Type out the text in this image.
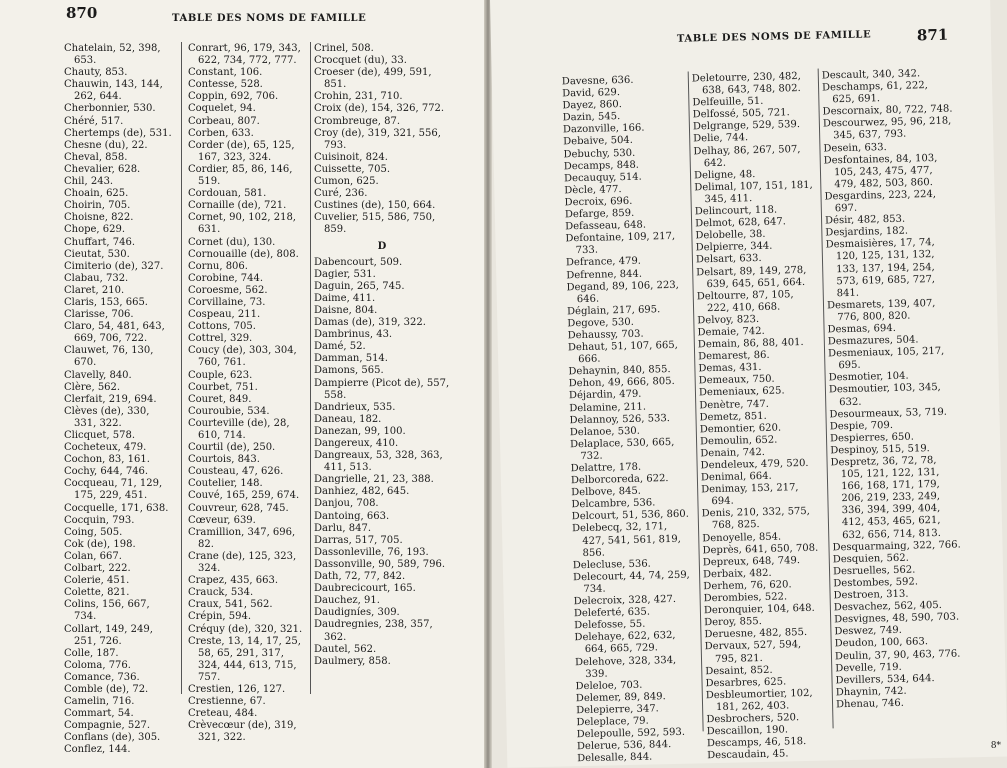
870	TABLE DES NOMS DE FAMILLE
Chatelain, 52, 398, 653.
Chauty, 853.
Chauwin, 143, 144, 262, 644.
Cherbonnier, 530.
Chéré, 517.
Chertemps (de), 531.
Chesne (du), 22.
Cheval, 858.
Chevalier, 628.
Chil, 243.
Choain, 625.
Choirin, 705.
Choisne, 822.
Chope, 629.
Chuffart, 746.
Cieutat, 530.
Cimiterio (de), 327.
Clabau, 732.
Claret, 210.
Claris, 153, 665.
Clarisse, 706.
Claro, 54, 481, 643, 669, 706, 722.
Clauwet, 76, 130, 670.
Clavelly, 840.
Clère, 562.
Clerfait, 219, 694.
Clèves (de), 330, 331, 322.
Clicquet, 578.
Cocheteux, 479.
Cochon, 83, 161.
Cochy, 644, 746.
Cocqueau, 71, 129, 175, 229, 451.
Cocquelle, 171, 638.
Cocquin, 793.
Coing, 505.
Cok (de), 198.
Colan, 667.
Colbart, 222.
Colerie, 451.
Colette, 821.
Colins, 156, 667, 734.
Collart, 149, 249, 251, 726.
Colle, 187.
Coloma, 776.
Comance, 736.
Comble (de), 72.
Camelin, 716.
Commart, 54.
Compagnie, 527.
Conflans (de), 305.
Conflez, 144.
Conrart, 96, 179, 343, 622, 734, 772, 777.
Constant, 106.
Contesse, 528.
Coppin, 692, 706.
Coquelet, 94.
Corbeau, 807.
Corben, 633.
Corder (de), 65, 125, 167, 323, 324.
Cordier, 85, 86, 146, 519.
Cordouan, 581.
Cornaille (de), 721.
Cornet, 90, 102, 218, 631.
Cornet (du), 130.
Cornouaille (de), 808.
Cornu, 806.
Corobine, 744.
Coroesme, 562.
Corvillaine, 73.
Cospeau, 211.
Cottons, 705.
Cottrel, 329.
Coucy (de), 303, 304, 760, 761.
Couple, 623.
Courbet, 751.
Couret, 849.
Couroubie, 534.
Courteville (de), 28, 610, 714.
Courtil (de), 250.
Courtois, 843.
Cousteau, 47, 626.
Coutelier, 148.
Couvé, 165, 259, 674.
Couvreur, 628, 745.
Cœveur, 639.
Cramillion, 347, 696, 82.
Crane (de), 125, 323, 324.
Crapez, 435, 663.
Crauck, 534.
Craux, 541, 562.
Crépin, 594.
Créquy (de), 320, 321.
Creste, 13, 14, 17, 25, 58, 65, 291, 317, 324, 444, 613, 715, 757.
Crestien, 126, 127.
Crestienne, 67.
Creteau, 484.
Crèvecœur (de), 319, 321, 322.
Crinel, 508.
Crocquet (du), 33.
Croeser (de), 499, 591, 851.
Crohin, 231, 710.
Croix (de), 154, 326, 772.
Crombreuge, 87.
Croy (de), 319, 321, 556, 793.
Cuisinoit, 824.
Cuissette, 705.
Cumon, 625.
Curé, 236.
Custines (de), 150, 664.
Cuvelier, 515, 586, 750, 859.
D
Dabencourt, 509.
Dagier, 531.
Daguin, 265, 745.
Daime, 411.
Daisne, 804.
Damas (de), 319, 322.
Dambrinus, 43.
Damé, 52.
Damman, 514.
Damons, 565.
Dampierre (Picot de), 557, 558.
Dandrieux, 535.
Daneau, 182.
Danezan, 99, 100.
Dangereux, 410.
Dangreaux, 53, 328, 363, 411, 513.
Dangrielle, 21, 23, 388.
Danhiez, 482, 645.
Danjou, 708.
Dantoing, 663.
Darlu, 847.
Darras, 517, 705.
Dassonleville, 76, 193.
Dassonville, 90, 589, 796.
Dath, 72, 77, 842.
Daubrecicourt, 165.
Dauchez, 91.
Daudigníes, 309.
Daudregnies, 238, 357, 362.
Dautel, 562.
Daulmery, 858.
TABLE DES NOMS DE FAMILLE	871
Davesne, 636.
David, 629.
Dayez, 860.
Dazin, 545.
Dazonville, 166.
Debaive, 504.
Debuchy, 530.
Decamps, 848.
Decauquy, 514.
Dècle, 477.
Decroix, 696.
Defarge, 859.
Defasseau, 648.
Defontaine, 109, 217, 733.
Defrance, 479.
Defrenne, 844.
Degand, 89, 106, 223, 646.
Déglain, 217, 695.
Degove, 530.
Dehaussy, 703.
Dehaut, 51, 107, 665, 666.
Dehaynin, 840, 855.
Dehon, 49, 666, 805.
Déjardin, 479.
Delamine, 211.
Delannoy, 526, 533.
Delanoe, 530.
Delaplace, 530, 665, 732.
Delattre, 178.
Delborcoreda, 622.
Delbove, 845.
Delcambre, 536.
Delcourt, 51, 536, 860.
Delebecq, 32, 171, 427, 541, 561, 819, 856.
Delecluse, 536.
Delecourt, 44, 74, 259, 734.
Delecroix, 328, 427.
Deleferté, 635.
Delefosse, 55.
Delehaye, 622, 632, 664, 665, 729.
Delehove, 328, 334, 339.
Deleloe, 703.
Delemer, 89, 849.
Delepierre, 347.
Deleplace, 79.
Delepoulle, 592, 593.
Delerue, 536, 844.
Delesalle, 844.
Deletourre, 230, 482, 638, 643, 748, 802.
Delfeuille, 51.
Delfossé, 505, 721.
Delgrange, 529, 539.
Delie, 744.
Delhay, 86, 267, 507, 642.
Deligne, 48.
Delimal, 107, 151, 181, 345, 411.
Delincourt, 118.
Delmot, 628, 647.
Delobelle, 38.
Delpierre, 344.
Delsart, 633.
Delsart, 89, 149, 278, 639, 645, 651, 664.
Deltourre, 87, 105, 222, 410, 668.
Delvoy, 823.
Demaie, 742.
Demain, 86, 88, 401.
Demarest, 86.
Demas, 431.
Demeaux, 750.
Demeniaux, 625.
Denètre, 747.
Demetz, 851.
Demontier, 620.
Demoulin, 652.
Denain, 742.
Dendeleux, 479, 520.
Denimal, 664.
Denimay, 153, 217, 694.
Denis, 210, 332, 575, 768, 825.
Denoyelle, 854.
Deprès, 641, 650, 708.
Depreux, 648, 749.
Derbaix, 482.
Derhem, 76, 620.
Derombies, 522.
Deronquier, 104, 648.
Deroy, 855.
Deruesne, 482, 855.
Dervaux, 527, 594, 795, 821.
Desaint, 852.
Desarbres, 625.
Desbleumortier, 102, 181, 262, 403.
Desbrochers, 520.
Descaillon, 190.
Descamps, 46, 518.
Descaudain, 45.
Descault, 340, 342.
Deschamps, 61, 222, 625, 691.
Descornaix, 80, 722, 748.
Descourwez, 95, 96, 218, 345, 637, 793.
Desein, 633.
Desfontaines, 84, 103, 105, 243, 475, 477, 479, 482, 503, 860.
Desgardins, 223, 224, 697.
Désir, 482, 853.
Desjardins, 182.
Desmaisières, 17, 74, 120, 125, 131, 132, 133, 137, 194, 254, 573, 619, 685, 727, 841.
Desmarets, 139, 407, 776, 800, 820.
Desmas, 694.
Desmazures, 504.
Desmeniaux, 105, 217, 695.
Desmotier, 104.
Desmoutier, 103, 345, 632.
Desourmeaux, 53, 719.
Despie, 709.
Despierres, 650.
Despinoy, 515, 519.
Despretz, 36, 72, 78, 105, 121, 122, 131, 166, 168, 171, 179, 206, 219, 233, 249, 336, 394, 399, 404, 412, 453, 465, 621, 632, 656, 714, 813.
Desquarmaing, 322, 766.
Desquien, 562.
Desruelles, 562.
Destombes, 592.
Destroen, 313.
Desvachez, 562, 405.
Desvignes, 48, 590, 703.
Deswez, 749.
Deudon, 100, 663.
Deulin, 37, 90, 463, 776.
Develle, 719.
Devillers, 534, 644.
Dhaynin, 742.
Dhenau, 746.
8*
